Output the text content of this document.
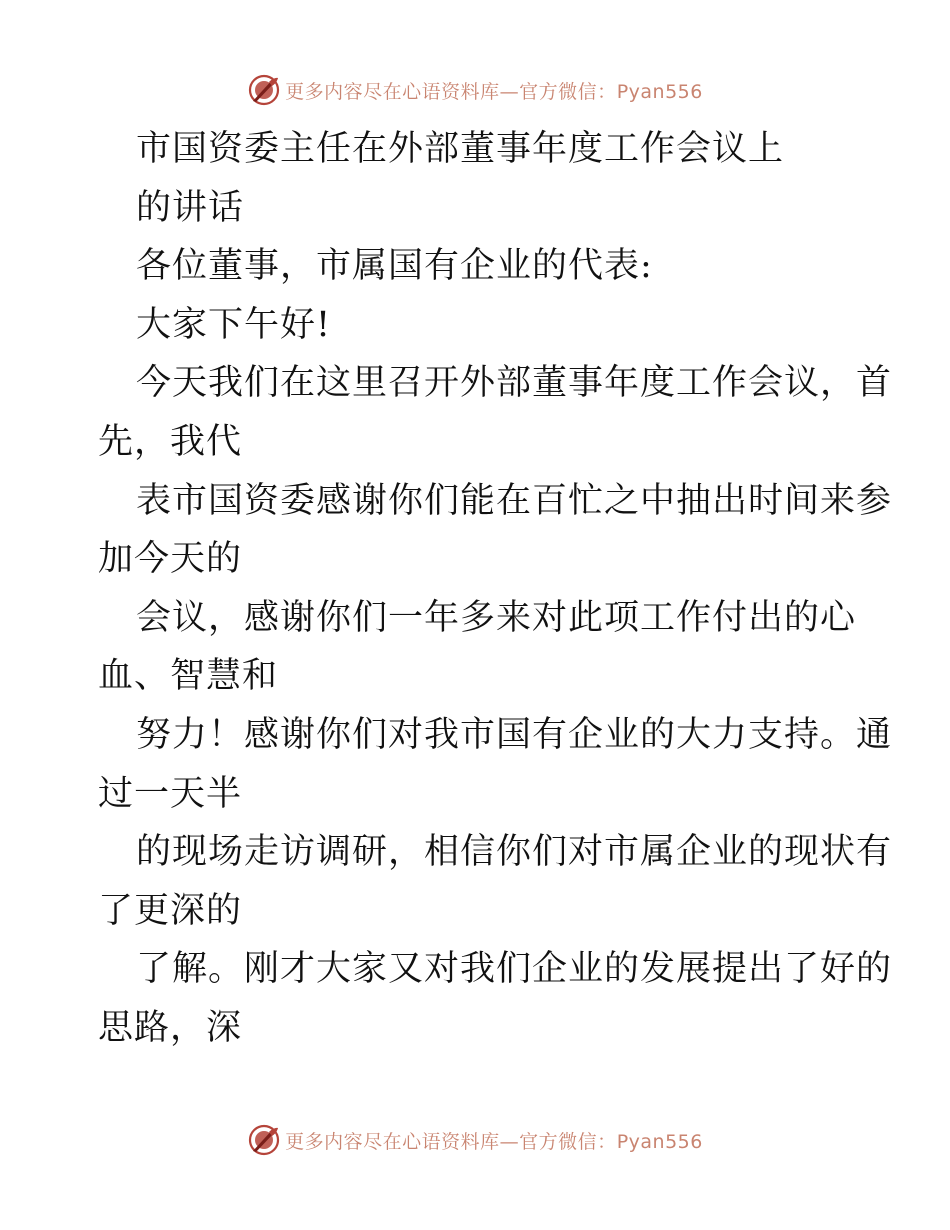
更多内容尽在心语资料库—官方微信：Pyan556
市国资委主任在外部董事年度工作会议上
的讲话
各位董事，市属国有企业的代表:
大家下午好!
今天我们在这里召开外部董事年度工作会议，首
先，我代
表市国资委感谢你们能在百忙之中抽出时间来参
加今天的
会议，感谢你们一年多来对此项工作付出的心
血、智慧和
努力！感谢你们对我市国有企业的大力支持。通
过一天半
的现场走访调研，相信你们对市属企业的现状有
了更深的
了解。刚才大家又对我们企业的发展提出了好的
思路，深
更多内容尽在心语资料库—官方微信：Pyan556
